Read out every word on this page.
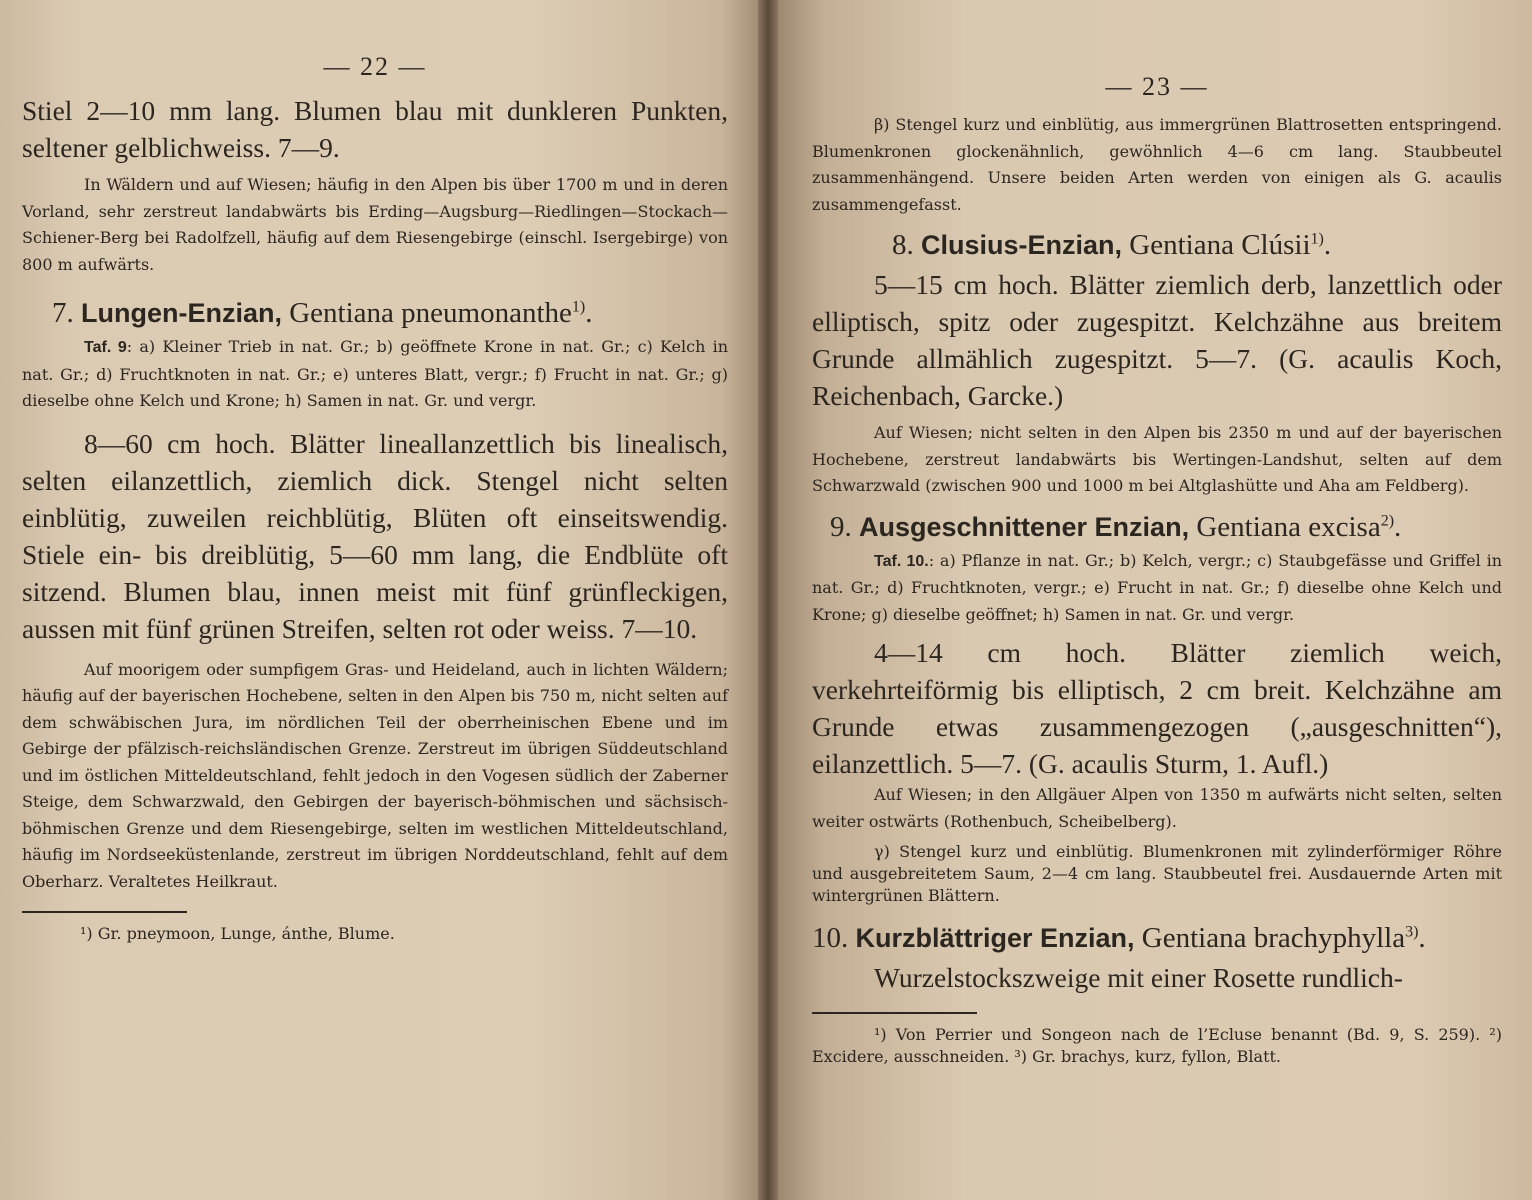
— 22 —

Stiel 2—10 mm lang. Blumen blau mit dunkleren Punkten, seltener gelblichweiss. 7—9.

In Wäldern und auf Wiesen; häufig in den Alpen bis über 1700 m und in deren Vorland, sehr zerstreut landabwärts bis Erding—Augsburg—Riedlingen—Stockach—Schiener-Berg bei Radolfzell, häufig auf dem Riesengebirge (einschl. Isergebirge) von 800 m aufwärts.

7. Lungen-Enzian, Gentiana pneumonanthe$^{1)}$.

Taf. 9: a) Kleiner Trieb in nat. Gr.; b) geöffnete Krone in nat. Gr.; c) Kelch in nat. Gr.; d) Fruchtknoten in nat. Gr.; e) unteres Blatt, vergr.; f) Frucht in nat. Gr.; g) dieselbe ohne Kelch und Krone; h) Samen in nat. Gr. und vergr.

8—60 cm hoch. Blätter lineallanzettlich bis linealisch, selten eilanzettlich, ziemlich dick. Stengel nicht selten einblütig, zuweilen reichblütig, Blüten oft einseitswendig. Stiele ein- bis dreiblütig, 5—60 mm lang, die Endblüte oft sitzend. Blumen blau, innen meist mit fünf grünfleckigen, aussen mit fünf grünen Streifen, selten rot oder weiss. 7—10.

Auf moorigem oder sumpfigem Gras- und Heideland, auch in lichten Wäldern; häufig auf der bayerischen Hochebene, selten in den Alpen bis 750 m, nicht selten auf dem schwäbischen Jura, im nördlichen Teil der oberrheinischen Ebene und im Gebirge der pfälzisch-reichsländischen Grenze. Zerstreut im übrigen Süddeutschland und im östlichen Mitteldeutschland, fehlt jedoch in den Vogesen südlich der Zaberner Steige, dem Schwarzwald, den Gebirgen der bayerisch-böhmischen und sächsisch-böhmischen Grenze und dem Riesengebirge, selten im westlichen Mitteldeutschland, häufig im Nordseeküstenlande, zerstreut im übrigen Norddeutschland, fehlt auf dem Oberharz. Veraltetes Heilkraut.

¹) Gr. pneymoon, Lunge, ánthe, Blume.

— 23 —

β) Stengel kurz und einblütig, aus immergrünen Blattrosetten entspringend. Blumenkronen glockenähnlich, gewöhnlich 4—6 cm lang. Staubbeutel zusammenhängend. Unsere beiden Arten werden von einigen als G. acaulis zusammengefasst.

8. Clusius-Enzian, Gentiana Clúsii$^{1)}$.

5—15 cm hoch. Blätter ziemlich derb, lanzettlich oder elliptisch, spitz oder zugespitzt. Kelchzähne aus breitem Grunde allmählich zugespitzt. 5—7. (G. acaulis Koch, Reichenbach, Garcke.)

Auf Wiesen; nicht selten in den Alpen bis 2350 m und auf der bayerischen Hochebene, zerstreut landabwärts bis Wertingen-Landshut, selten auf dem Schwarzwald (zwischen 900 und 1000 m bei Altglashütte und Aha am Feldberg).

9. Ausgeschnittener Enzian, Gentiana excisa$^{2)}$.

Taf. 10.: a) Pflanze in nat. Gr.; b) Kelch, vergr.; c) Staubgefässe und Griffel in nat. Gr.; d) Fruchtknoten, vergr.; e) Frucht in nat. Gr.; f) dieselbe ohne Kelch und Krone; g) dieselbe geöffnet; h) Samen in nat. Gr. und vergr.

4—14 cm hoch. Blätter ziemlich weich, verkehrteiförmig bis elliptisch, 2 cm breit. Kelchzähne am Grunde etwas zusammengezogen („ausgeschnitten“), eilanzettlich. 5—7. (G. acaulis Sturm, 1. Aufl.)

Auf Wiesen; in den Allgäuer Alpen von 1350 m aufwärts nicht selten, selten weiter ostwärts (Rothenbuch, Scheibelberg).

γ) Stengel kurz und einblütig. Blumenkronen mit zylinderförmiger Röhre und ausgebreitetem Saum, 2—4 cm lang. Staubbeutel frei. Ausdauernde Arten mit wintergrünen Blättern.

10. Kurzblättriger Enzian, Gentiana brachyphylla$^{3)}$.

Wurzelstockszweige mit einer Rosette rundlich-

¹) Von Perrier und Songeon nach de l’Ecluse benannt (Bd. 9, S. 259). ²) Excidere, ausschneiden. ³) Gr. brachys, kurz, fyllon, Blatt.
